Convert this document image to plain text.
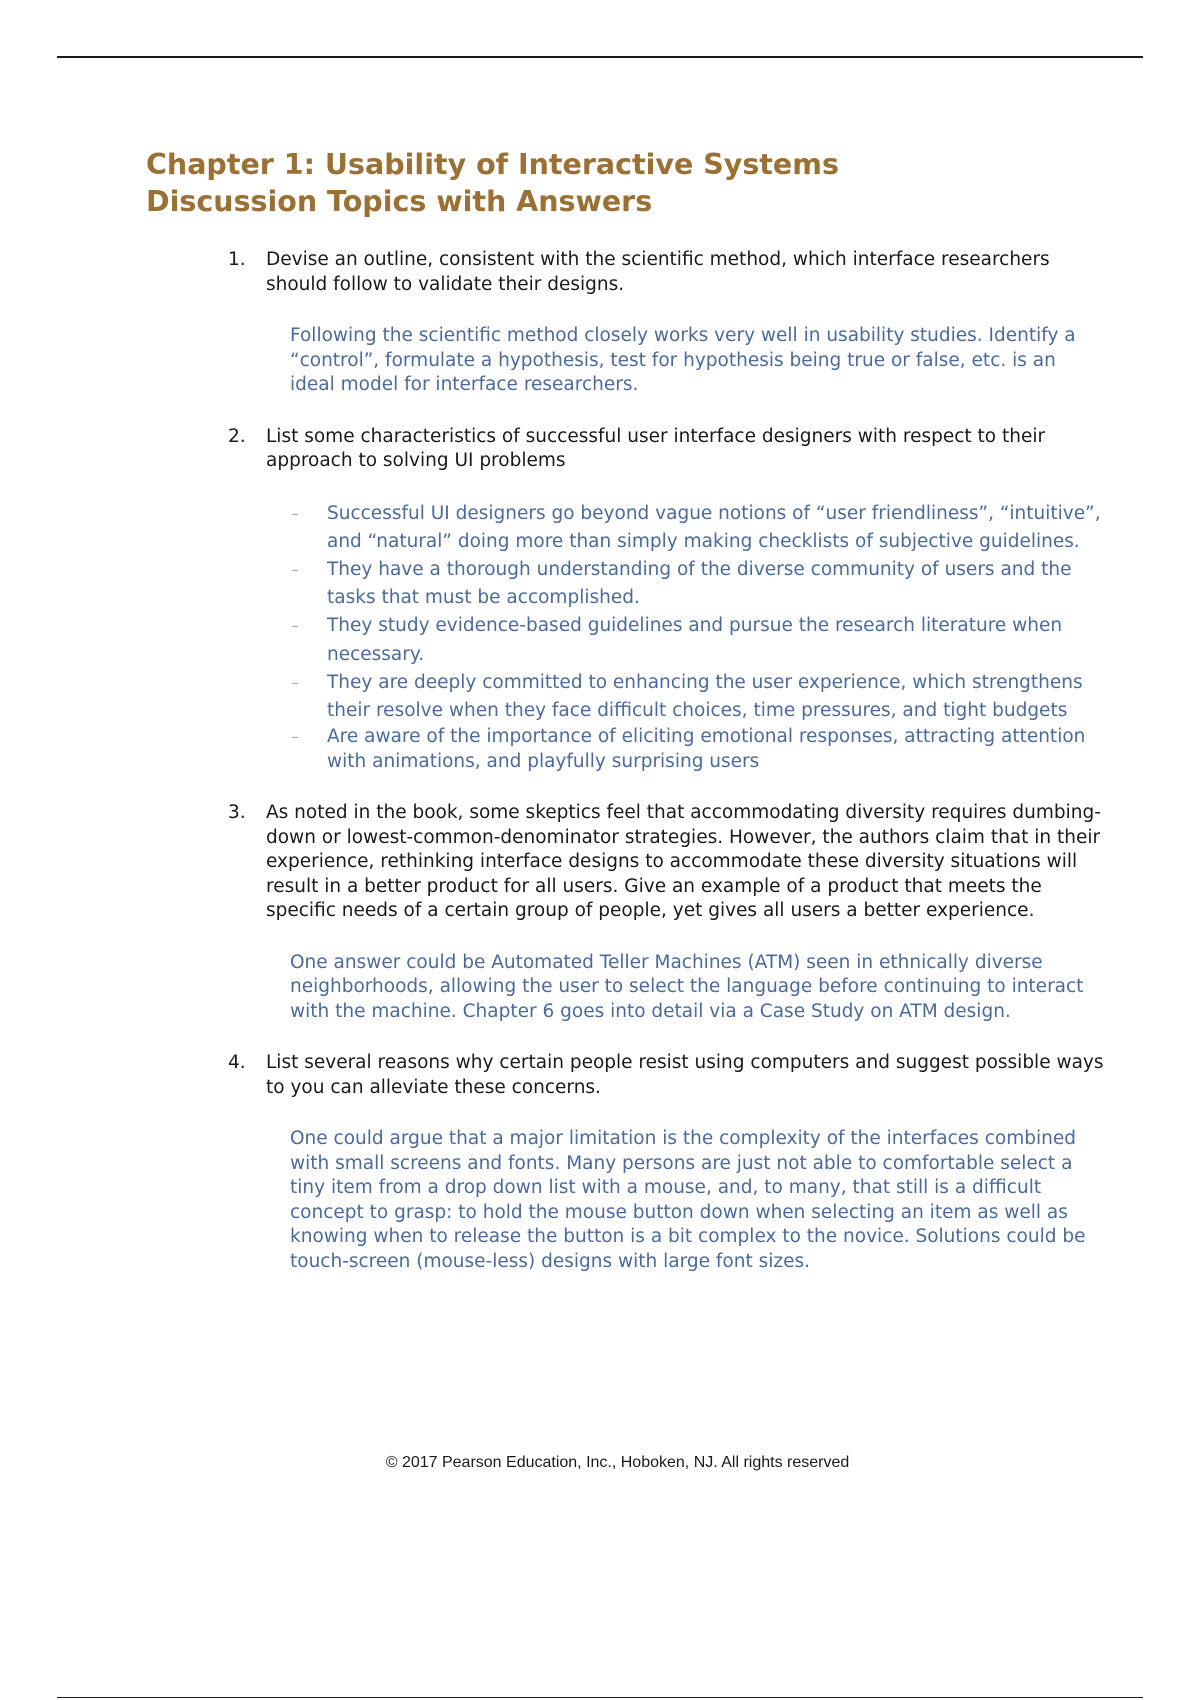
Chapter 1: Usability of Interactive Systems
Discussion Topics with Answers
1. Devise an outline, consistent with the scientific method, which interface researchers should follow to validate their designs.

Following the scientific method closely works very well in usability studies. Identify a “control”, formulate a hypothesis, test for hypothesis being true or false, etc. is an ideal model for interface researchers.

2. List some characteristics of successful user interface designers with respect to their approach to solving UI problems

– Successful UI designers go beyond vague notions of “user friendliness”, “intuitive”, and “natural” doing more than simply making checklists of subjective guidelines.
– They have a thorough understanding of the diverse community of users and the tasks that must be accomplished.
– They study evidence-based guidelines and pursue the research literature when necessary.
– They are deeply committed to enhancing the user experience, which strengthens their resolve when they face difficult choices, time pressures, and tight budgets
– Are aware of the importance of eliciting emotional responses, attracting attention with animations, and playfully surprising users
3. As noted in the book, some skeptics feel that accommodating diversity requires dumbing-down or lowest-common-denominator strategies. However, the authors claim that in their experience, rethinking interface designs to accommodate these diversity situations will result in a better product for all users. Give an example of a product that meets the specific needs of a certain group of people, yet gives all users a better experience.

One answer could be Automated Teller Machines (ATM) seen in ethnically diverse neighborhoods, allowing the user to select the language before continuing to interact with the machine. Chapter 6 goes into detail via a Case Study on ATM design.

4. List several reasons why certain people resist using computers and suggest possible ways to you can alleviate these concerns.

One could argue that a major limitation is the complexity of the interfaces combined with small screens and fonts. Many persons are just not able to comfortable select a tiny item from a drop down list with a mouse, and, to many, that still is a difficult concept to grasp: to hold the mouse button down when selecting an item as well as knowing when to release the button is a bit complex to the novice. Solutions could be touch-screen (mouse-less) designs with large font sizes.

© 2017 Pearson Education, Inc., Hoboken, NJ. All rights reserved
